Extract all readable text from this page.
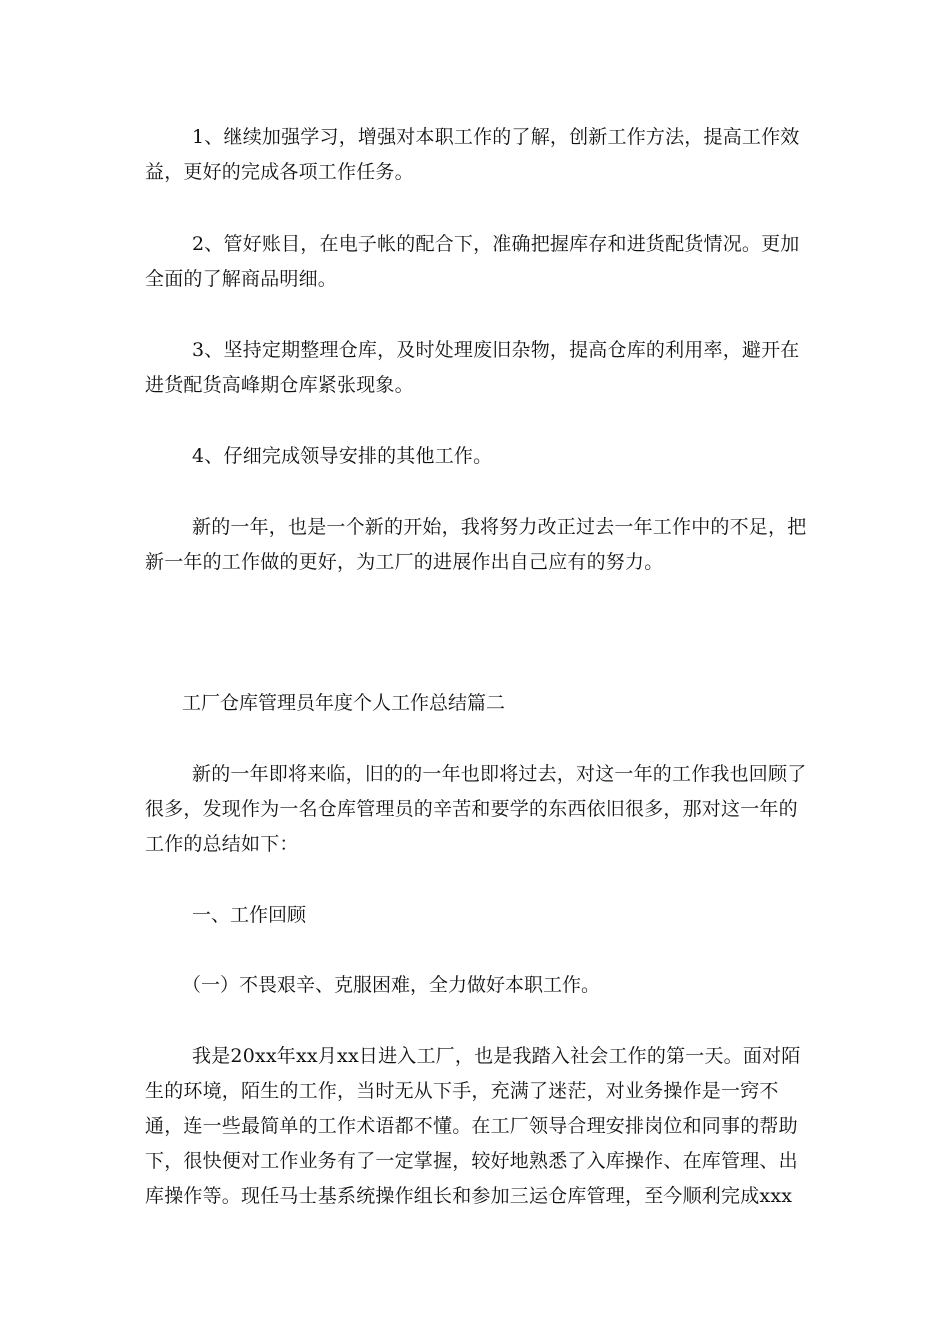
1、继续加强学习，增强对本职工作的了解，创新工作方法，提高工作效益，更好的完成各项工作任务。

2、管好账目，在电子帐的配合下，准确把握库存和进货配货情况。更加全面的了解商品明细。

3、坚持定期整理仓库，及时处理废旧杂物，提高仓库的利用率，避开在进货配货高峰期仓库紧张现象。

4、仔细完成领导安排的其他工作。

新的一年，也是一个新的开始，我将努力改正过去一年工作中的不足，把新一年的工作做的更好，为工厂的进展作出自己应有的努力。

工厂仓库管理员年度个人工作总结篇二

新的一年即将来临，旧的的一年也即将过去，对这一年的工作我也回顾了很多，发现作为一名仓库管理员的辛苦和要学的东西依旧很多，那对这一年的工作的总结如下：

一、工作回顾

（一）不畏艰辛、克服困难，全力做好本职工作。

我是20xx年xx月xx日进入工厂，也是我踏入社会工作的第一天。面对陌生的环境，陌生的工作，当时无从下手，充满了迷茫，对业务操作是一窍不通，连一些最简单的工作术语都不懂。在工厂领导合理安排岗位和同事的帮助下，很快便对工作业务有了一定掌握，较好地熟悉了入库操作、在库管理、出库操作等。现任马士基系统操作组长和参加三运仓库管理，至今顺利完成xxx
